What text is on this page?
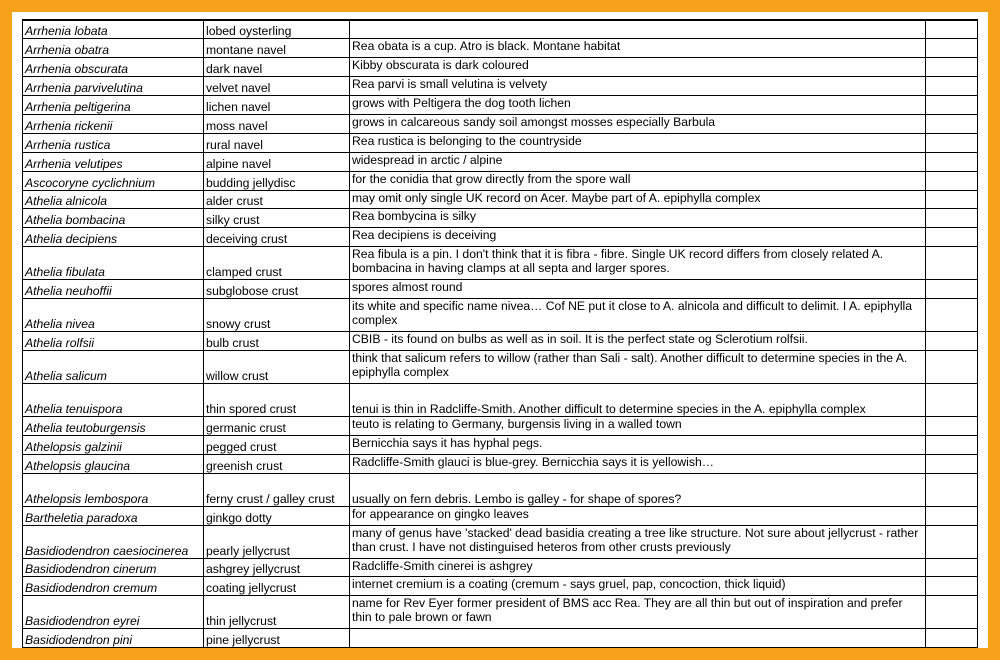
Arrhenia lobata	lobed oysterling		
Arrhenia obatra	montane navel	Rea obata is a cup. Atro is black. Montane habitat	
Arrhenia obscurata	dark navel	Kibby obscurata is dark coloured	
Arrhenia parvivelutina	velvet navel	Rea parvi is small velutina is velvety	
Arrhenia peltigerina	lichen navel	grows with Peltigera the dog tooth lichen	
Arrhenia rickenii	moss navel	grows in calcareous sandy soil amongst mosses especially Barbula	
Arrhenia rustica	rural navel	Rea rustica is belonging to the countryside	
Arrhenia velutipes	alpine navel	widespread in arctic / alpine	
Ascocoryne cyclichnium	budding jellydisc	for the conidia that grow directly from the spore wall	
Athelia alnicola	alder crust	may omit only single UK record on Acer. Maybe part of A. epiphylla complex	
Athelia bombacina	silky crust	Rea bombycina is silky	
Athelia decipiens	deceiving crust	Rea decipiens is deceiving	
Athelia fibulata	clamped crust	Rea fibula is a pin. I don't think that it is fibra - fibre. Single UK record differs from closely related A. bombacina in having clamps at all septa and larger spores.	
Athelia neuhoffii	subglobose crust	spores almost round	
Athelia nivea	snowy crust	its white and specific name nivea… Cof NE put it close to A. alnicola and difficult to delimit. I A. epiphylla complex	
Athelia rolfsii	bulb crust	CBIB - its found on bulbs as well as in soil. It is the perfect state og Sclerotium rolfsii.	
Athelia salicum	willow crust	think that salicum refers to willow (rather than Sali - salt). Another difficult to determine species in the A. epiphylla complex	
Athelia tenuispora	thin spored crust	tenui is thin in Radcliffe-Smith. Another difficult to determine species in the A. epiphylla complex	
Athelia teutoburgensis	germanic crust	teuto is relating to Germany, burgensis living in a walled town	
Athelopsis galzinii	pegged crust	Bernicchia says it has hyphal pegs.	
Athelopsis glaucina	greenish crust	Radcliffe-Smith glauci is blue-grey. Bernicchia says it is yellowish…	
Athelopsis lembospora	ferny crust / galley crust	usually on fern debris. Lembo is galley - for shape of spores?	
Bartheletia paradoxa	ginkgo dotty	for appearance on gingko leaves	
Basidiodendron caesiocinerea	pearly jellycrust	many of genus have 'stacked' dead basidia creating a tree like structure. Not sure about jellycrust - rather than crust. I have not distinguised heteros from other crusts previously	
Basidiodendron cinerum	ashgrey jellycrust	Radcliffe-Smith cinerei is ashgrey	
Basidiodendron cremum	coating jellycrust	internet cremium is a coating (cremum - says gruel, pap, concoction, thick liquid)	
Basidiodendron eyrei	thin jellycrust	name for Rev Eyer former president of BMS acc Rea. They are all thin but out of inspiration and prefer thin to pale brown or fawn	
Basidiodendron pini	pine jellycrust		
